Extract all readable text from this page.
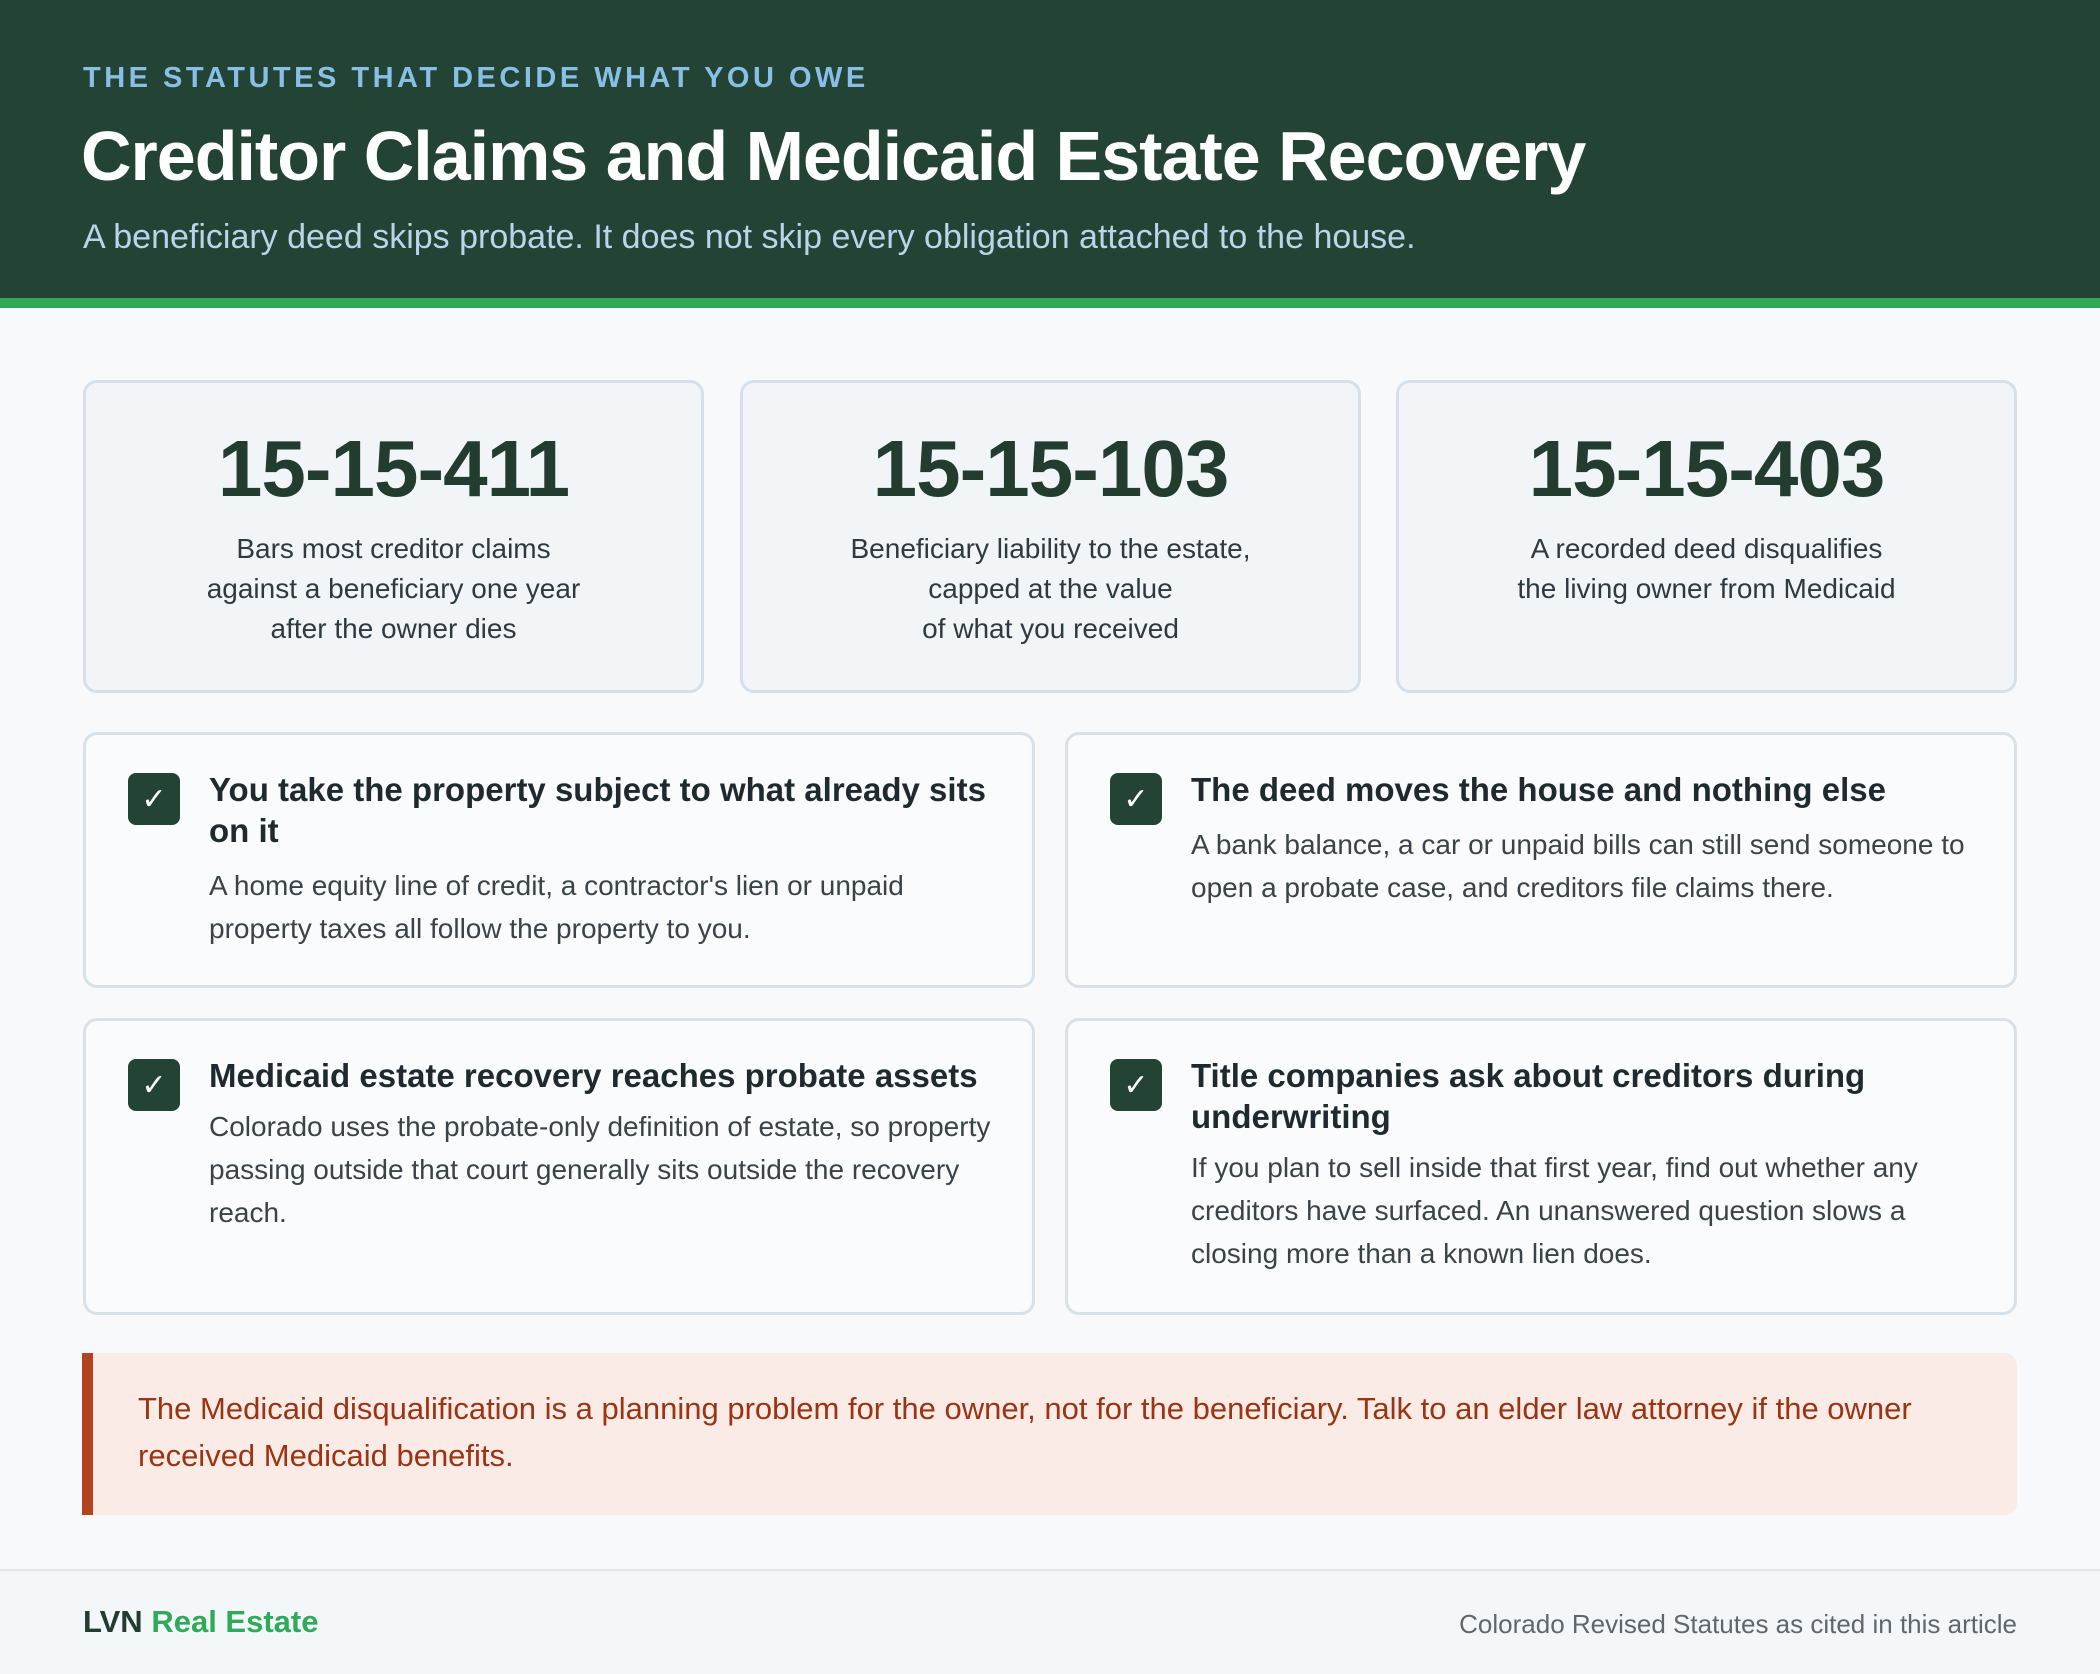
THE STATUTES THAT DECIDE WHAT YOU OWE
Creditor Claims and Medicaid Estate Recovery

A beneficiary deed skips probate. It does not skip every obligation attached to the house.

15-15-411
Bars most creditor claims
against a beneficiary one year
after the owner dies
15-15-103
Beneficiary liability to the estate,
capped at the value
of what you received
15-15-403
A recorded deed disqualifies
the living owner from Medicaid
✓	You take the property subject to what already sits on it
A home equity line of credit, a contractor's lien or unpaid property taxes all follow the property to you.
✓	The deed moves the house and nothing else
A bank balance, a car or unpaid bills can still send someone to open a probate case, and creditors file claims there.
✓	Medicaid estate recovery reaches probate assets
Colorado uses the probate-only definition of estate, so property passing outside that court generally sits outside the recovery reach.
✓	Title companies ask about creditors during underwriting
If you plan to sell inside that first year, find out whether any creditors have surfaced. An unanswered question slows a closing more than a known lien does.

The Medicaid disqualification is a planning problem for the owner, not for the beneficiary. Talk to an elder law attorney if the owner received Medicaid benefits.

LVN Real Estate	Colorado Revised Statutes as cited in this article
